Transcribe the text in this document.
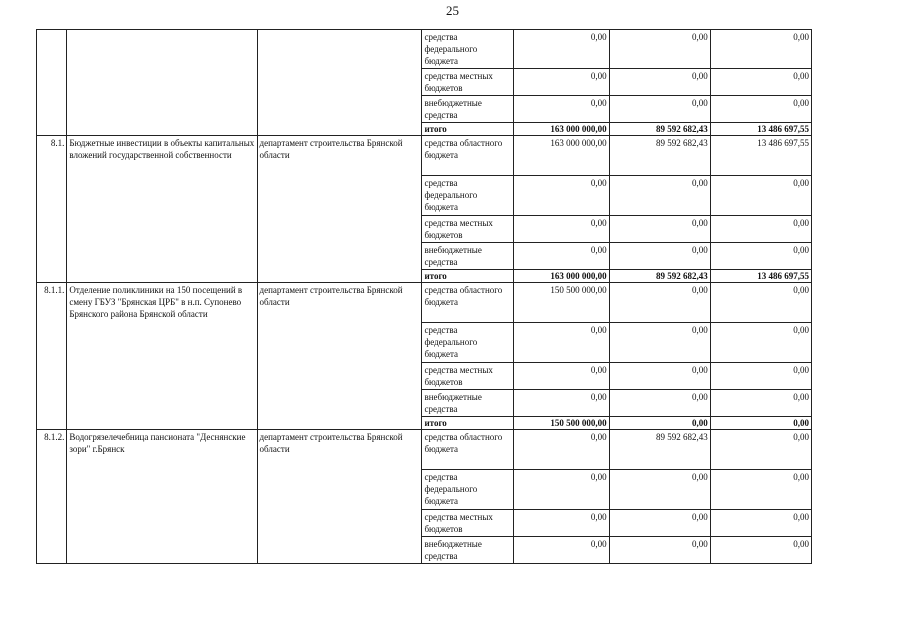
25
			средства федерального бюджета	0,00	0,00	0,00
			средства местных бюджетов	0,00	0,00	0,00
			внебюджетные средства	0,00	0,00	0,00
			итого	163 000 000,00	89 592 682,43	13 486 697,55
8.1.	Бюджетные инвестиции в объекты капитальных вложений государственной собственности	департамент строительства Брянской области	средства областного бюджета	163 000 000,00	89 592 682,43	13 486 697,55
			средства федерального бюджета	0,00	0,00	0,00
			средства местных бюджетов	0,00	0,00	0,00
			внебюджетные средства	0,00	0,00	0,00
			итого	163 000 000,00	89 592 682,43	13 486 697,55
8.1.1.	Отделение поликлиники на 150 посещений в смену ГБУЗ "Брянская ЦРБ" в н.п. Супонево Брянского района Брянской области	департамент строительства Брянской области	средства областного бюджета	150 500 000,00	0,00	0,00
			средства федерального бюджета	0,00	0,00	0,00
			средства местных бюджетов	0,00	0,00	0,00
			внебюджетные средства	0,00	0,00	0,00
			итого	150 500 000,00	0,00	0,00
8.1.2.	Водогрязелечебница пансионата "Деснянские зори" г.Брянск	департамент строительства Брянской области	средства областного бюджета	0,00	89 592 682,43	0,00
			средства федерального бюджета	0,00	0,00	0,00
			средства местных бюджетов	0,00	0,00	0,00
			внебюджетные средства	0,00	0,00	0,00
